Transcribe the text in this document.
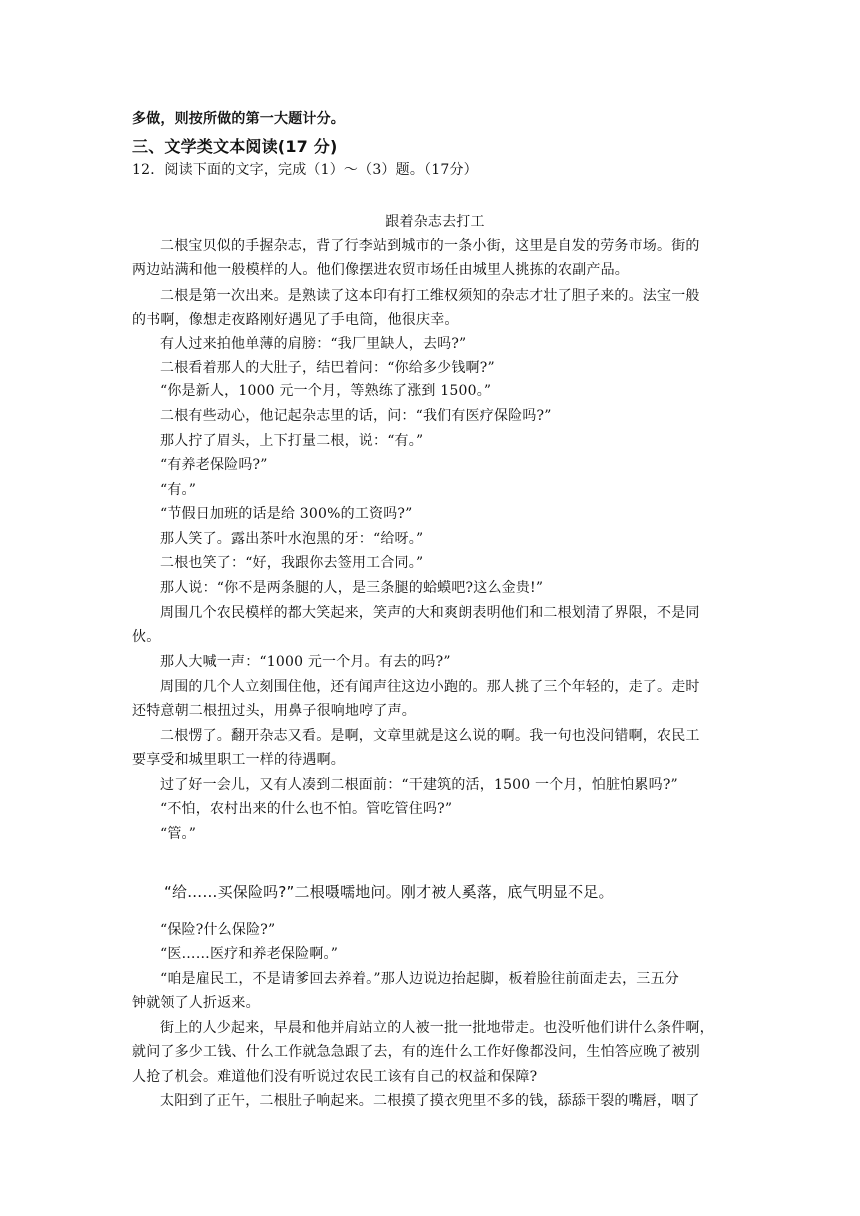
多做，则按所做的第一大题计分。
三、文学类文本阅读(17 分)
12．阅读下面的文字，完成（1）～（3）题。（17分）
跟着杂志去打工
二根宝贝似的手握杂志，背了行李站到城市的一条小街，这里是自发的劳务市场。街的
两边站满和他一般模样的人。他们像摆进农贸市场任由城里人挑拣的农副产品。
二根是第一次出来。是熟读了这本印有打工维权须知的杂志才壮了胆子来的。法宝一般
的书啊，像想走夜路刚好遇见了手电筒，他很庆幸。
有人过来拍他单薄的肩膀：“我厂里缺人，去吗?”
二根看着那人的大肚子，结巴着问：“你给多少钱啊?”
“你是新人，1000 元一个月，等熟练了涨到 1500。”
二根有些动心，他记起杂志里的话，问：“我们有医疗保险吗?”
那人拧了眉头，上下打量二根，说：“有。”
“有养老保险吗?”
“有。”
“节假日加班的话是给 300%的工资吗?”
那人笑了。露出茶叶水泡黑的牙：“给呀。”
二根也笑了：“好，我跟你去签用工合同。”
那人说：“你不是两条腿的人，是三条腿的蛤蟆吧?这么金贵!”
周围几个农民模样的都大笑起来，笑声的大和爽朗表明他们和二根划清了界限，不是同
伙。
那人大喊一声：“1000 元一个月。有去的吗?”
周围的几个人立刻围住他，还有闻声往这边小跑的。那人挑了三个年轻的，走了。走时
还特意朝二根扭过头，用鼻子很响地哼了声。
二根愣了。翻开杂志又看。是啊，文章里就是这么说的啊。我一句也没问错啊，农民工
要享受和城里职工一样的待遇啊。
过了好一会儿，又有人凑到二根面前：“干建筑的活，1500 一个月，怕脏怕累吗?”
“不怕，农村出来的什么也不怕。管吃管住吗?”
“管。”
“给……买保险吗?”二根嗫嚅地问。刚才被人奚落，底气明显不足。
“保险?什么保险?”
“医……医疗和养老保险啊。”
“咱是雇民工，不是请爹回去养着。”那人边说边抬起脚，板着脸往前面走去，三五分
钟就领了人折返来。
街上的人少起来，早晨和他并肩站立的人被一批一批地带走。也没听他们讲什么条件啊，
就问了多少工钱、什么工作就急急跟了去，有的连什么工作好像都没问，生怕答应晚了被别
人抢了机会。难道他们没有听说过农民工该有自己的权益和保障?
太阳到了正午，二根肚子响起来。二根摸了摸衣兜里不多的钱，舔舔干裂的嘴唇，咽了
